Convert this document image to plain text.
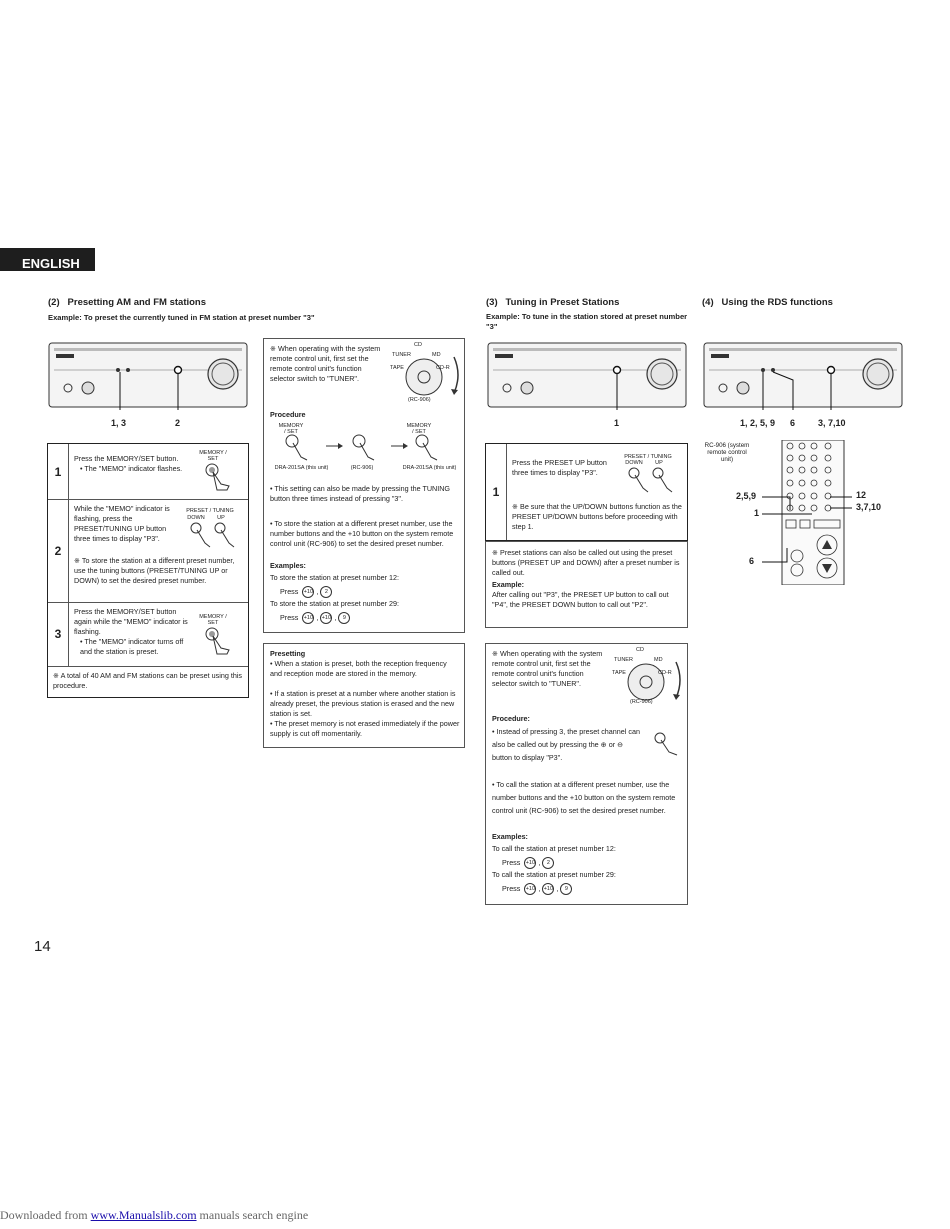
ENGLISH
(2) Presetting AM and FM stations
Example: To preset the currently tuned in FM station at preset number "3"
1, 3	2
1
Press the MEMORY/SET button.
• The "MEMO" indicator flashes.
MEMORY / SET
2
While the "MEMO" indicator is flashing, press the PRESET/TUNING UP button three times to display "P3".
PRESET / TUNING
DOWN	UP
※ To store the station at a different preset number, use the tuning buttons (PRESET/TUNING UP or DOWN) to set the desired preset number.
3
Press the MEMORY/SET button again while the "MEMO" indicator is flashing.
• The "MEMO" indicator turns off and the station is preset.
MEMORY / SET
※ A total of 40 AM and FM stations can be preset using this procedure.
※ When operating with the system remote control unit, first set the remote control unit's function selector switch to "TUNER".
CD
TUNER	MD
TAPE	CD-R
(RC-906)
Procedure
MEMORY / SET
MEMORY / SET
DRA-201SA (this unit)	(RC-906)	DRA-201SA (this unit)
• This setting can also be made by pressing the TUNING button three times instead of pressing "3".
• To store the station at a different preset number, use the number buttons and the +10 button on the system remote control unit (RC-906) to set the desired preset number.
Examples:
To store the station at preset number 12:
Press +10 , 2
To store the station at preset number 29:
Press +10 , +10 , 9
Presetting
• When a station is preset, both the reception frequency and reception mode are stored in the memory.
• If a station is preset at a number where another station is already preset, the previous station is erased and the new station is set.
• The preset memory is not erased immediately if the power supply is cut off momentarily.
(3) Tuning in Preset Stations
Example: To tune in the station stored at preset number "3"
1
1
Press the PRESET UP button three times to display "P3".
PRESET / TUNING
DOWN	UP
※ Be sure that the UP/DOWN buttons function as the PRESET UP/DOWN buttons before proceeding with step 1.
※ Preset stations can also be called out using the preset buttons (PRESET UP and DOWN) after a preset number is called out.
Example:
After calling out "P3", the PRESET UP button to call out "P4", the PRESET DOWN button to call out "P2".
※ When operating with the system remote control unit, first set the remote control unit's function selector switch to "TUNER".
CD
TUNER	MD
TAPE	CD-R
(RC-906)
Procedure:
• Instead of pressing 3, the preset channel can also be called out by pressing the ⊕ or ⊖ button to display "P3".
• To call the station at a different preset number, use the number buttons and the +10 button on the system remote control unit (RC-906) to set the desired preset number.
Examples:
To call the station at preset number 12:
Press +10 , 2
To call the station at preset number 29:
Press +10 , +10 , 9
(4) Using the RDS functions
1, 2, 5, 9 6	3, 7,10
RC-906 (system remote control unit)
2,5,9
1
6
12
3,7,10
14
Downloaded from www.Manualslib.com manuals search engine
